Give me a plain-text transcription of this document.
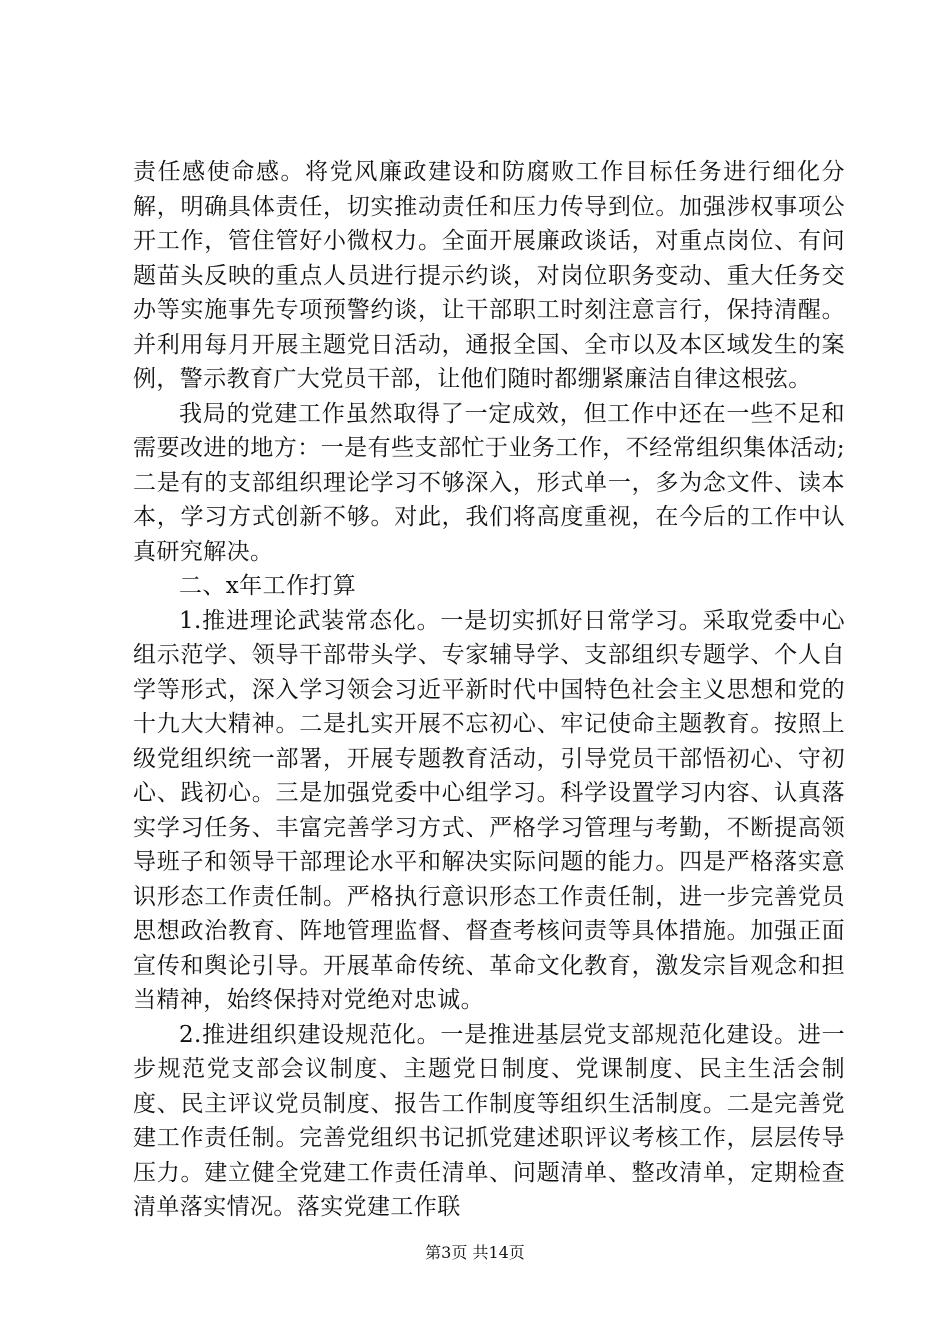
责任感使命感。将党风廉政建设和防腐败工作目标任务进行细化分解，明确具体责任，切实推动责任和压力传导到位。加强涉权事项公开工作，管住管好小微权力。全面开展廉政谈话，对重点岗位、有问题苗头反映的重点人员进行提示约谈，对岗位职务变动、重大任务交办等实施事先专项预警约谈，让干部职工时刻注意言行，保持清醒。并利用每月开展主题党日活动，通报全国、全市以及本区域发生的案例，警示教育广大党员干部，让他们随时都绷紧廉洁自律这根弦。

我局的党建工作虽然取得了一定成效，但工作中还在一些不足和需要改进的地方：一是有些支部忙于业务工作，不经常组织集体活动;二是有的支部组织理论学习不够深入，形式单一，多为念文件、读本本，学习方式创新不够。对此，我们将高度重视，在今后的工作中认真研究解决。

二、x年工作打算

1.推进理论武装常态化。一是切实抓好日常学习。采取党委中心组示范学、领导干部带头学、专家辅导学、支部组织专题学、个人自学等形式，深入学习领会习近平新时代中国特色社会主义思想和党的十九大大精神。二是扎实开展不忘初心、牢记使命主题教育。按照上级党组织统一部署，开展专题教育活动，引导党员干部悟初心、守初心、践初心。三是加强党委中心组学习。科学设置学习内容、认真落实学习任务、丰富完善学习方式、严格学习管理与考勤，不断提高领导班子和领导干部理论水平和解决实际问题的能力。四是严格落实意识形态工作责任制。严格执行意识形态工作责任制，进一步完善党员思想政治教育、阵地管理监督、督查考核问责等具体措施。加强正面宣传和舆论引导。开展革命传统、革命文化教育，激发宗旨观念和担当精神，始终保持对党绝对忠诚。

2.推进组织建设规范化。一是推进基层党支部规范化建设。进一步规范党支部会议制度、主题党日制度、党课制度、民主生活会制度、民主评议党员制度、报告工作制度等组织生活制度。二是完善党建工作责任制。完善党组织书记抓党建述职评议考核工作，层层传导压力。建立健全党建工作责任清单、问题清单、整改清单，定期检查清单落实情况。落实党建工作联

第3页 共14页
